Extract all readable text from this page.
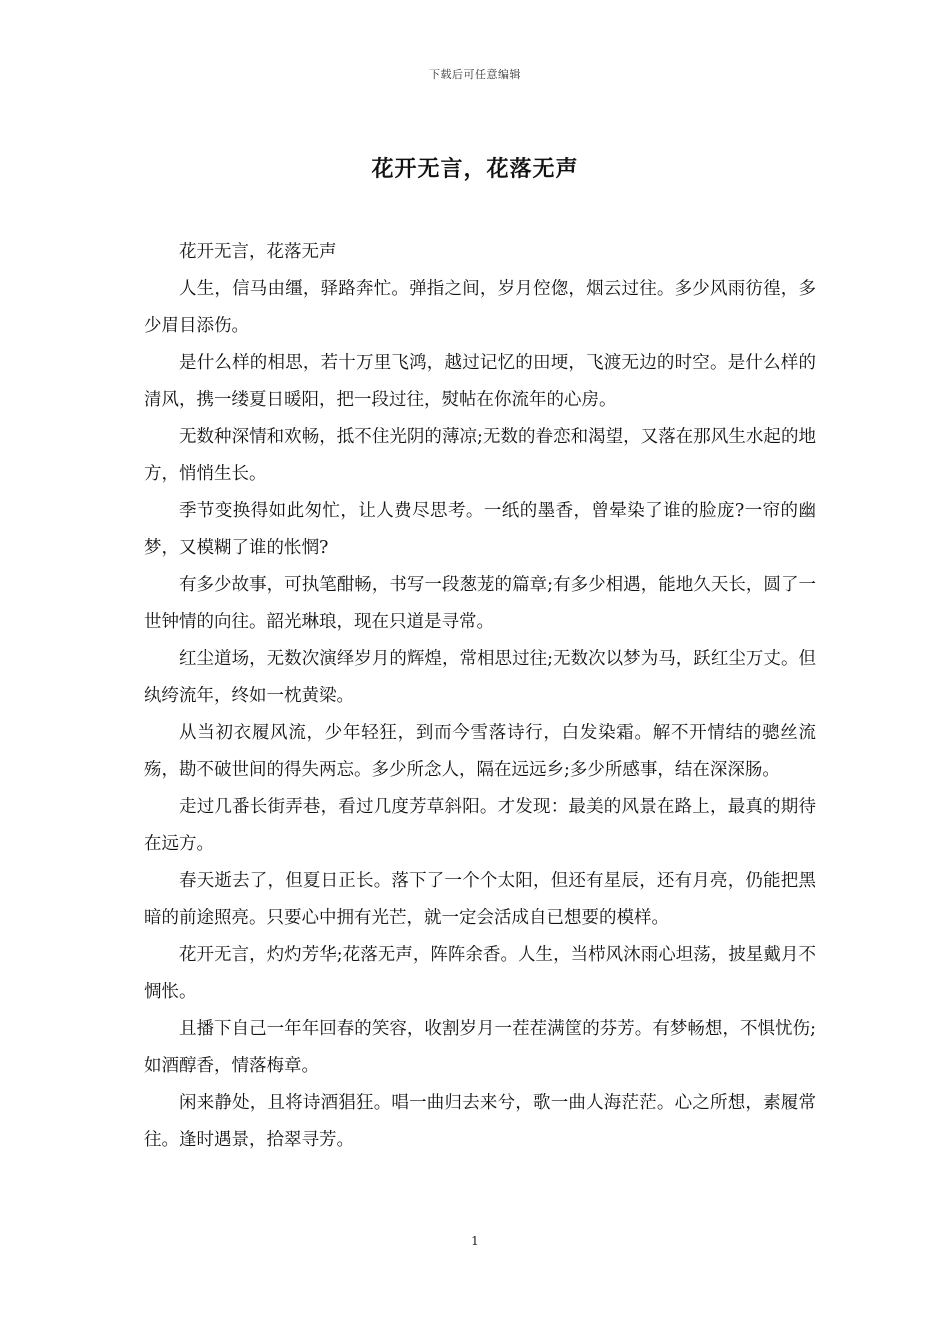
下载后可任意编辑
花开无言，花落无声

花开无言，花落无声

人生，信马由缰，驿路奔忙。弹指之间，岁月倥偬，烟云过往。多少风雨彷徨，多少眉目添伤。

是什么样的相思，若十万里飞鸿，越过记忆的田埂，飞渡无边的时空。是什么样的清风，携一缕夏日暖阳，把一段过往，熨帖在你流年的心房。

无数种深情和欢畅，抵不住光阴的薄凉;无数的眷恋和渴望，又落在那风生水起的地方，悄悄生长。

季节变换得如此匆忙，让人费尽思考。一纸的墨香，曾晕染了谁的脸庞?一帘的幽梦，又模糊了谁的怅惘?

有多少故事，可执笔酣畅，书写一段葱茏的篇章;有多少相遇，能地久天长，圆了一世钟情的向往。韶光琳琅，现在只道是寻常。

红尘道场，无数次演绎岁月的辉煌，常相思过往;无数次以梦为马，跃红尘万丈。但纨绔流年，终如一枕黄梁。

从当初衣履风流，少年轻狂，到而今雪落诗行，白发染霜。解不开情结的骢丝流殇，勘不破世间的得失两忘。多少所念人，隔在远远乡;多少所感事，结在深深肠。

走过几番长街弄巷，看过几度芳草斜阳。才发现：最美的风景在路上，最真的期待在远方。

春天逝去了，但夏日正长。落下了一个个太阳，但还有星辰，还有月亮，仍能把黑暗的前途照亮。只要心中拥有光芒，就一定会活成自已想要的模样。

花开无言，灼灼芳华;花落无声，阵阵余香。人生，当栉风沐雨心坦荡，披星戴月不惆怅。

且播下自己一年年回春的笑容，收割岁月一茬茬满筐的芬芳。有梦畅想，不惧忧伤;如酒醇香，情落梅章。

闲来静处，且将诗酒猖狂。唱一曲归去来兮，歌一曲人海茫茫。心之所想，素履常往。逢时遇景，拾翠寻芳。

1
